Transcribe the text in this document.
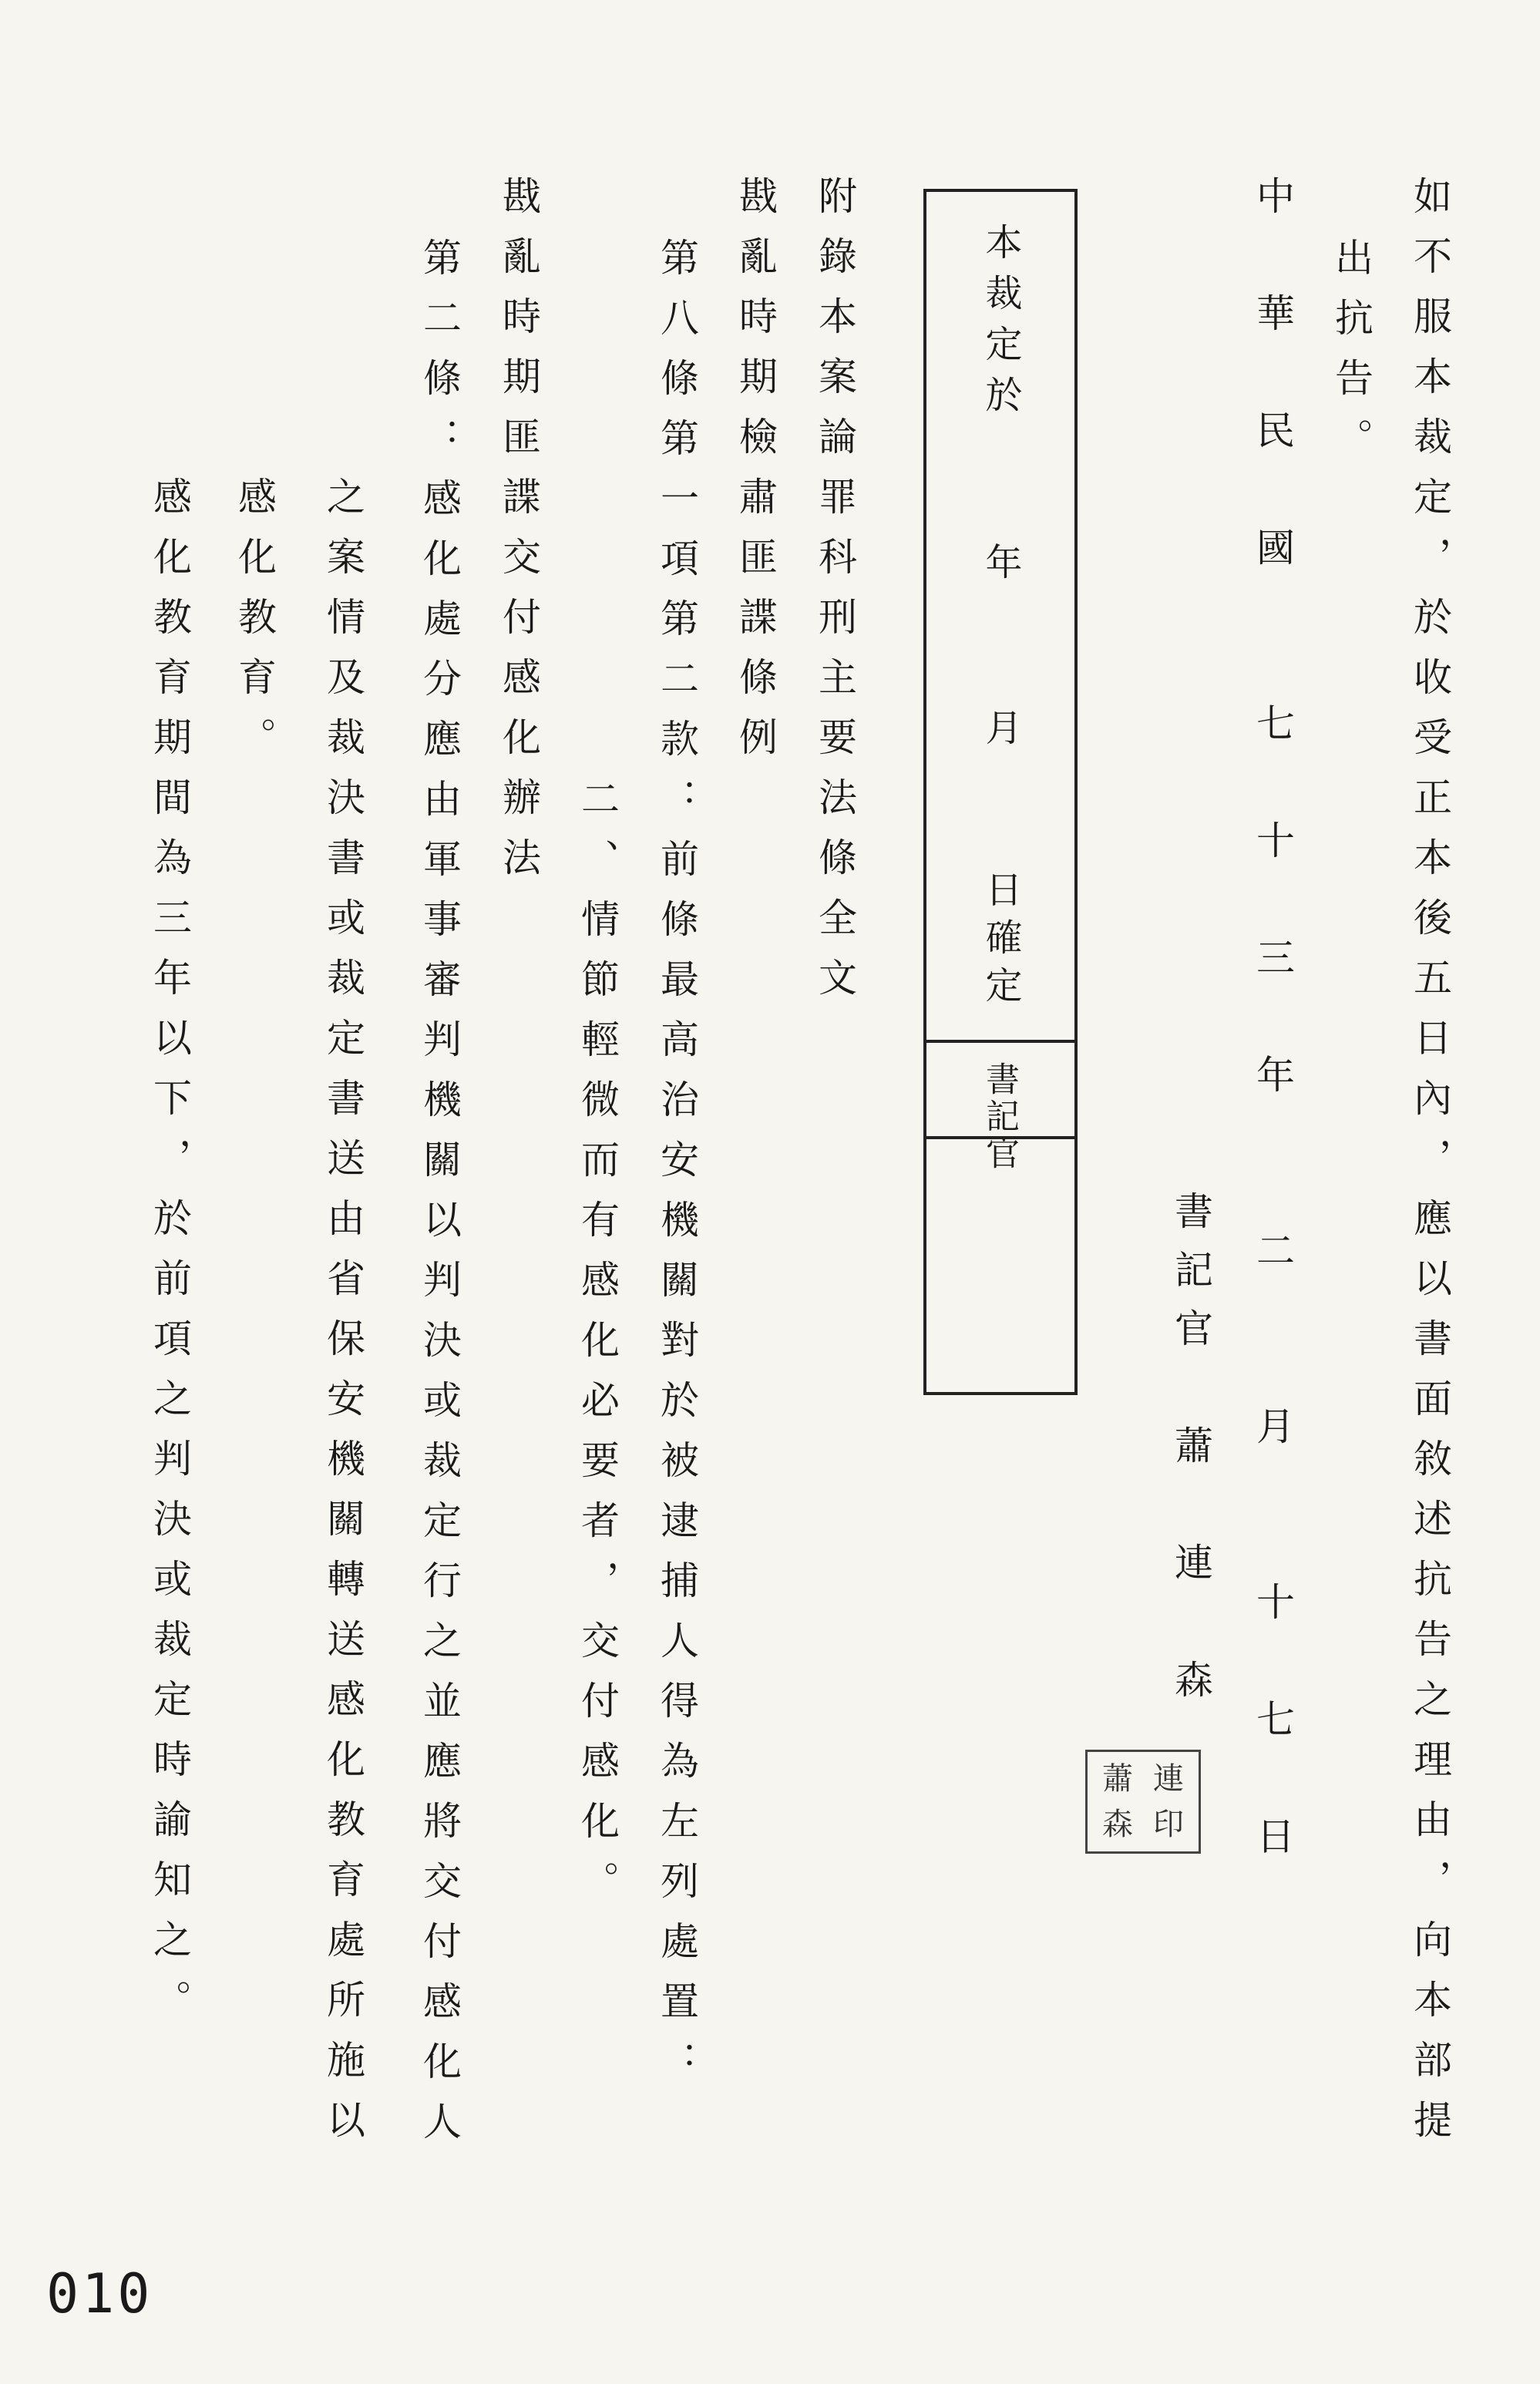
如不服本裁定，於收受正本後五日內，應以書面敘述抗告之理由，向本部提
出抗告。
中　華　民　國　　七　十　三　年　　二　　月　　十　七　日
書記官　蕭　連　森
蕭 連
森 印
本裁定於
年
月
日確定
書記官
附錄本案論罪科刑主要法條全文
戡亂時期檢肅匪諜條例
第八條第一項第二款：前條最高治安機關對於被逮捕人得為左列處置：
二、情節輕微而有感化必要者，交付感化。
戡亂時期匪諜交付感化辦法
第二條：感化處分應由軍事審判機關以判決或裁定行之並應將交付感化人
之案情及裁決書或裁定書送由省保安機關轉送感化教育處所施以
感化教育。
感化教育期間為三年以下，於前項之判決或裁定時諭知之。
010
